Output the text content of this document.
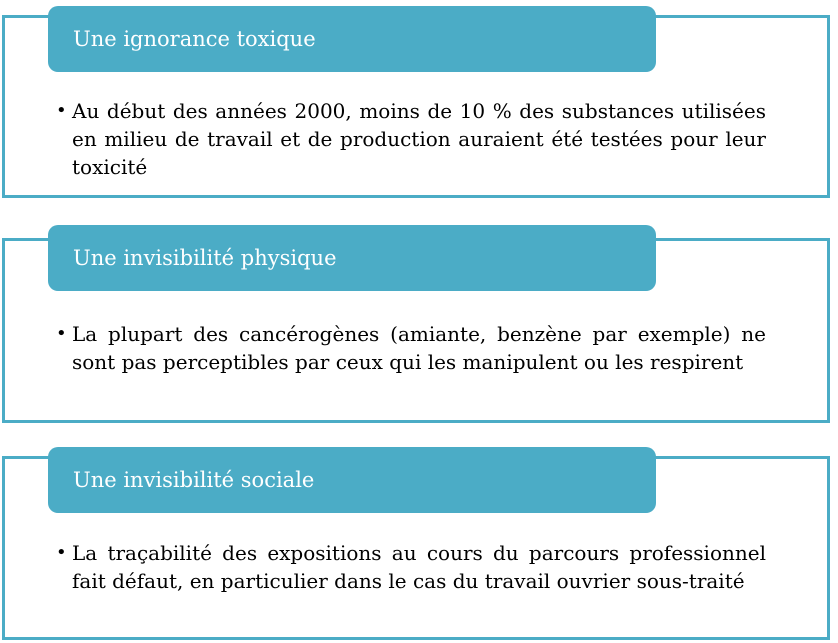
Une ignorance toxique
• Au début des années 2000, moins de 10 % des substances utilisées en milieu de travail et de production auraient été testées pour leur toxicité
Une invisibilité physique
• La plupart des cancérogènes (amiante, benzène par exemple) ne sont pas perceptibles par ceux qui les manipulent ou les respirent
Une invisibilité sociale
• La traçabilité des expositions au cours du parcours professionnel fait défaut, en particulier dans le cas du travail ouvrier sous-traité
